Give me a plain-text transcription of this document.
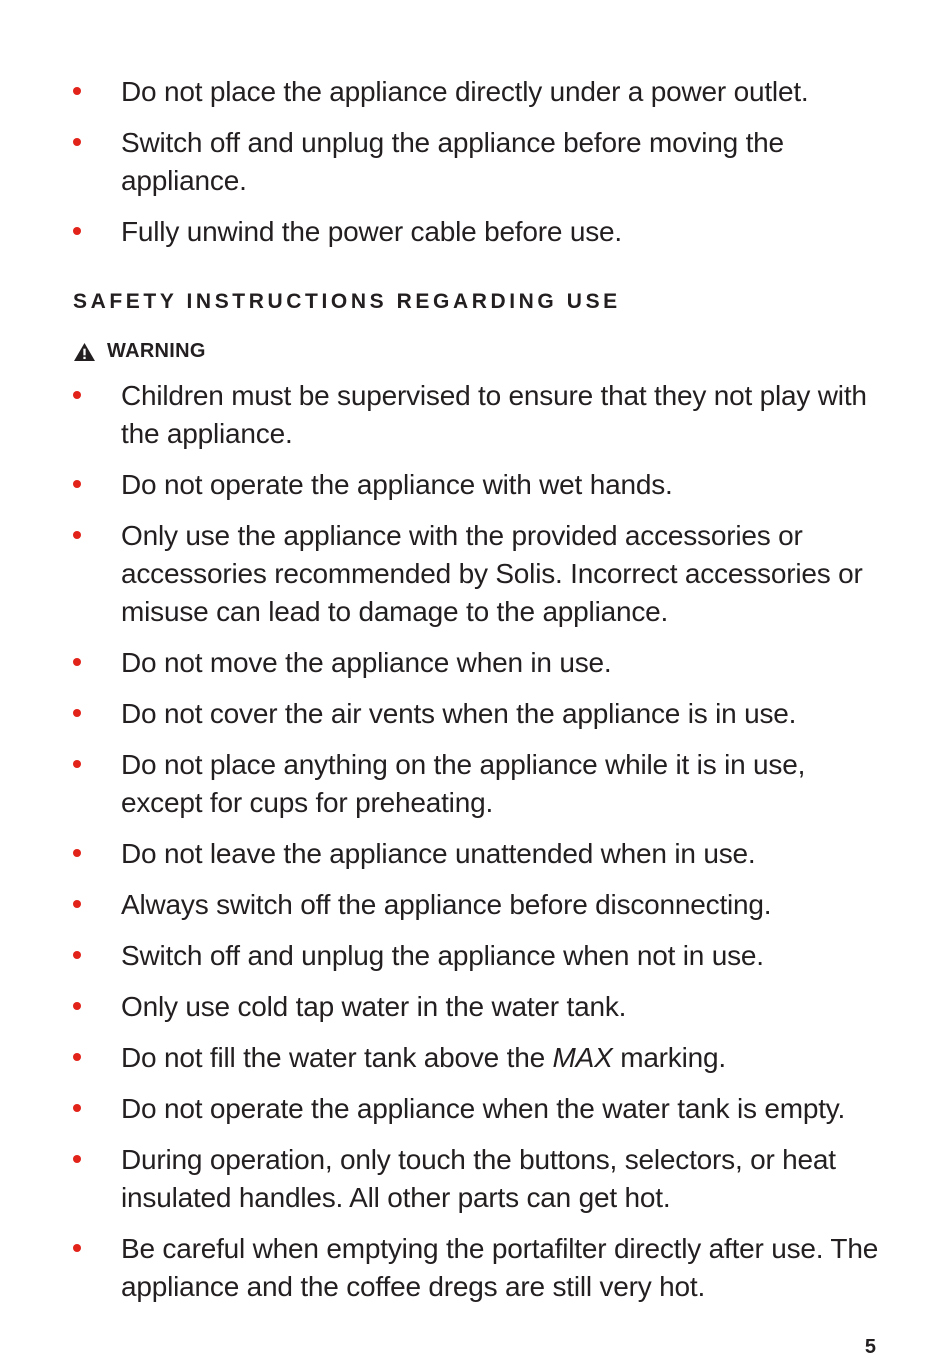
Do not place the appliance directly under a power outlet.
Switch off and unplug the appliance before moving the appliance.
Fully unwind the power cable before use.
SAFETY INSTRUCTIONS REGARDING USE
WARNING
Children must be supervised to ensure that they not play with the appliance.
Do not operate the appliance with wet hands.
Only use the appliance with the provided accessories or accessories recommended by Solis. Incorrect accessories or misuse can lead to damage to the appliance.
Do not move the appliance when in use.
Do not cover the air vents when the appliance is in use.
Do not place anything on the appliance while it is in use, except for cups for preheating.
Do not leave the appliance unattended when in use.
Always switch off the appliance before disconnecting.
Switch off and unplug the appliance when not in use.
Only use cold tap water in the water tank.
Do not fill the water tank above the MAX marking.
Do not operate the appliance when the water tank is empty.
During operation, only touch the buttons, selectors, or heat insulated handles. All other parts can get hot.
Be careful when emptying the portafilter directly after use. The appliance and the coffee dregs are still very hot.
5
